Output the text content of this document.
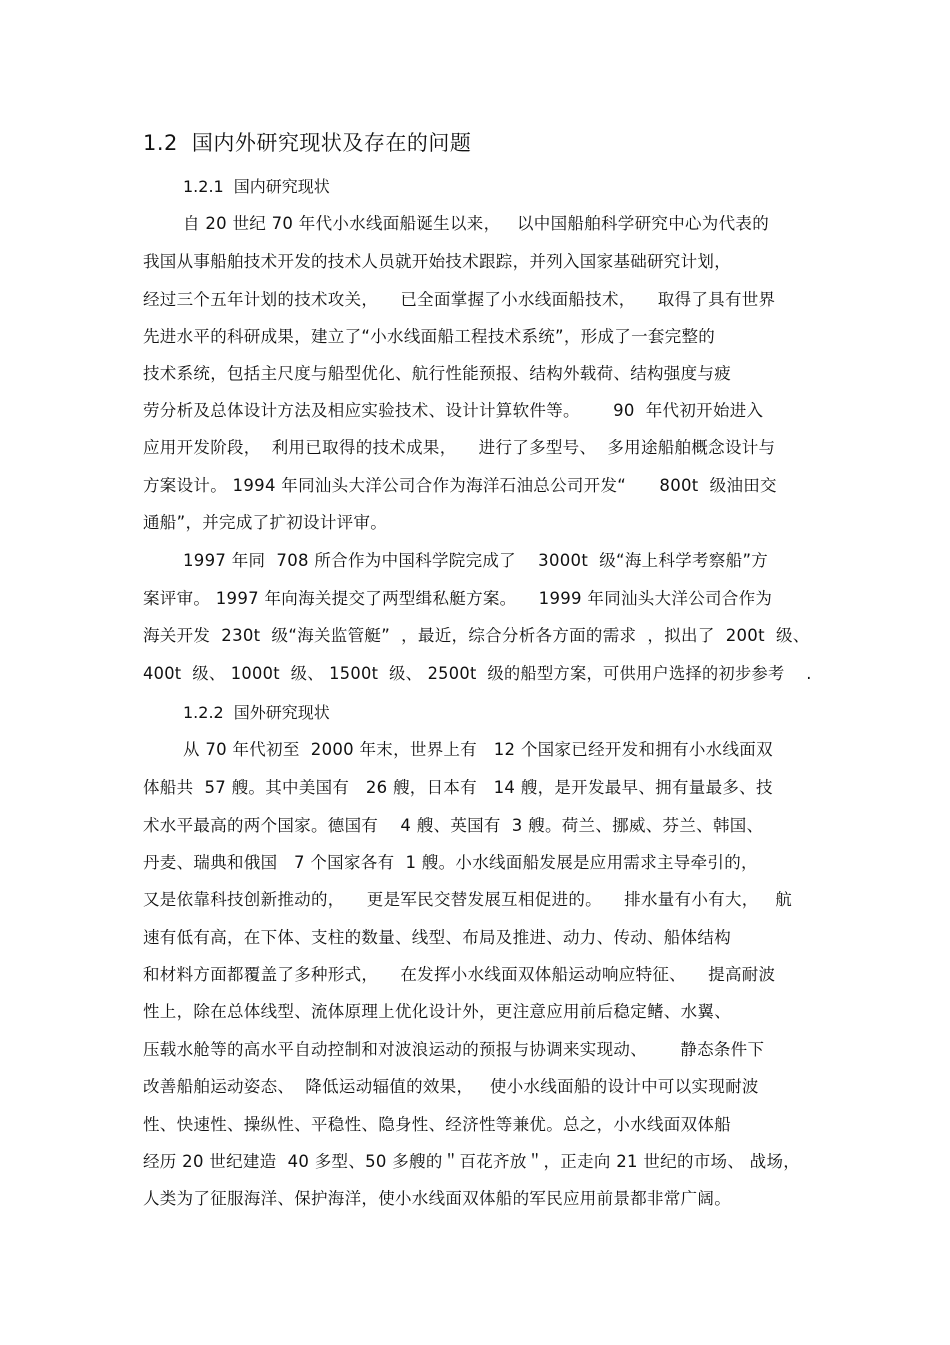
1.2 国内外研究现状及存在的问题
1.2.1 国内研究现状
自 20 世纪 70 年代小水线面船诞生以来，   以中国船舶科学研究中心为代表的
我国从事船舶技术开发的技术人员就开始技术跟踪，并列入国家基础研究计划，
经过三个五年计划的技术攻关，    已全面掌握了小水线面船技术，    取得了具有世界
先进水平的科研成果，建立了“小水线面船工程技术系统”，形成了一套完整的
技术系统，包括主尺度与船型优化、航行性能预报、结构外载荷、结构强度与疲
劳分析及总体设计方法及相应实验技术、设计计算软件等。      90  年代初开始进入
应用开发阶段，  利用已取得的技术成果，    进行了多型号、  多用途船舶概念设计与
方案设计。 1994 年同汕头大洋公司合作为海洋石油总公司开发“      800t  级油田交
通船”，并完成了扩初设计评审。
1997 年同  708 所合作为中国科学院完成了    3000t  级“海上科学考察船”方
案评审。 1997 年向海关提交了两型缉私艇方案。    1999 年同汕头大洋公司合作为
海关开发  230t  级“海关监管艇”  ，最近，综合分析各方面的需求  ，拟出了  200t  级、
400t  级、 1000t  级、 1500t  级、 2500t  级的船型方案，可供用户选择的初步参考    .
1.2.2 国外研究现状
从 70 年代初至  2000 年末，世界上有   12 个国家已经开发和拥有小水线面双
体船共  57 艘。其中美国有   26 艘，日本有   14 艘，是开发最早、拥有量最多、技
术水平最高的两个国家。德国有    4 艘、英国有  3 艘。荷兰、挪威、芬兰、韩国、
丹麦、瑞典和俄国   7 个国家各有  1 艘。小水线面船发展是应用需求主导牵引的，
又是依靠科技创新推动的，    更是军民交替发展互相促进的。    排水量有小有大，   航
速有低有高，在下体、支柱的数量、线型、布局及推进、动力、传动、船体结构
和材料方面都覆盖了多种形式，    在发挥小水线面双体船运动响应特征、    提高耐波
性上，除在总体线型、流体原理上优化设计外，更注意应用前后稳定鳍、水翼、
压载水舱等的高水平自动控制和对波浪运动的预报与协调来实现动、      静态条件下
改善船舶运动姿态、  降低运动辐值的效果，   使小水线面船的设计中可以实现耐波
性、快速性、操纵性、平稳性、隐身性、经济性等兼优。总之，小水线面双体船
经历 20 世纪建造  40 多型、50 多艘的＂百花齐放＂，正走向 21 世纪的市场、 战场，
人类为了征服海洋、保护海洋，使小水线面双体船的军民应用前景都非常广阔。
